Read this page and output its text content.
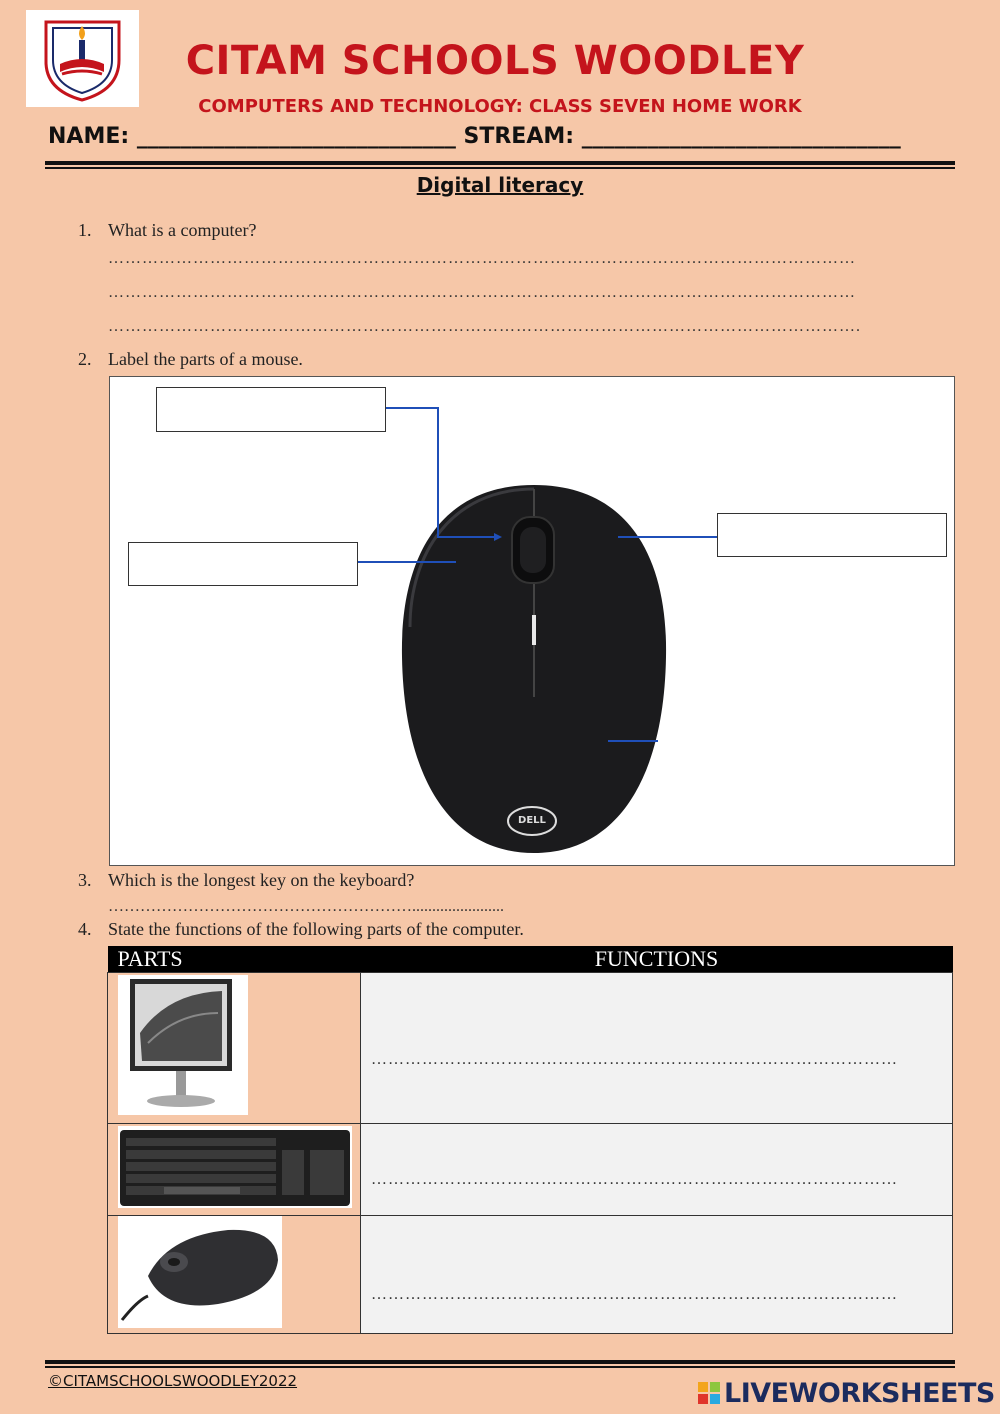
CITAM SCHOOLS WOODLEY
COMPUTERS AND TECHNOLOGY: CLASS SEVEN HOME WORK
NAME: _____________________________ STREAM: _____________________________
Digital literacy
1. What is a computer?
……………………………………………………………………………………………………………………
……………………………………………………………………………………………………………………
…………………………………………………………………………………………………………………….
2. Label the parts of a mouse.
DELL
3. Which is the longest key on the keyboard?
………………………………………………….......................
4. State the functions of the following parts of the computer.
PARTS	FUNCTIONS

…………………………………………………………………………………

…………………………………………………………………………………

…………………………………………………………………………………
©CITAMSCHOOLSWOODLEY2022	LIVEWORKSHEETS
